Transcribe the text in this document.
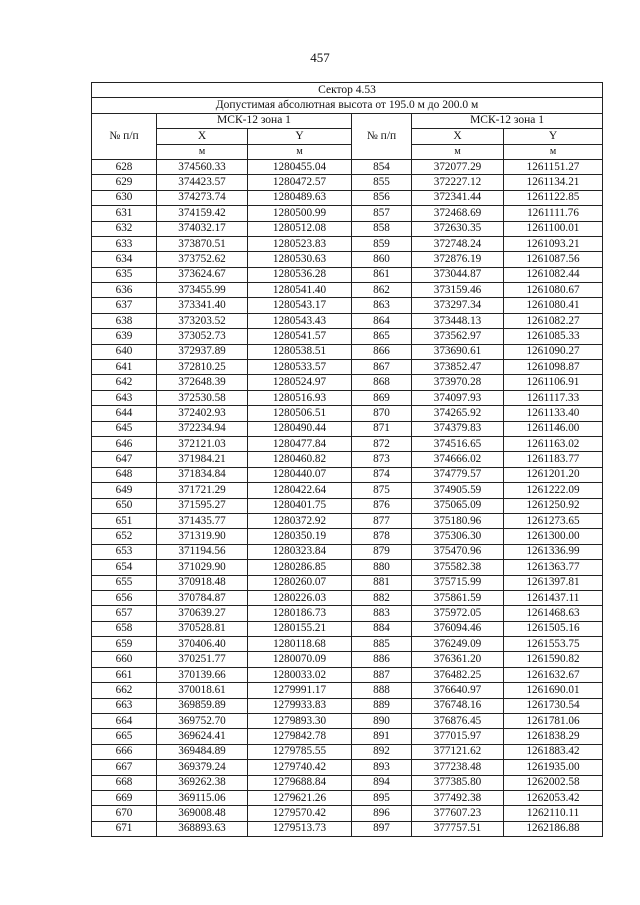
457
Сектор 4.53					
Допустимая абсолютная высота от 195.0 м до 200.0 м					
№ п/п	МСК-12 зона 1		№ п/п	МСК-12 зона 1	
	X	Y		X	Y
	м	м		м	м
628	374560.33	1280455.04	854	372077.29	1261151.27
629	374423.57	1280472.57	855	372227.12	1261134.21
630	374273.74	1280489.63	856	372341.44	1261122.85
631	374159.42	1280500.99	857	372468.69	1261111.76
632	374032.17	1280512.08	858	372630.35	1261100.01
633	373870.51	1280523.83	859	372748.24	1261093.21
634	373752.62	1280530.63	860	372876.19	1261087.56
635	373624.67	1280536.28	861	373044.87	1261082.44
636	373455.99	1280541.40	862	373159.46	1261080.67
637	373341.40	1280543.17	863	373297.34	1261080.41
638	373203.52	1280543.43	864	373448.13	1261082.27
639	373052.73	1280541.57	865	373562.97	1261085.33
640	372937.89	1280538.51	866	373690.61	1261090.27
641	372810.25	1280533.57	867	373852.47	1261098.87
642	372648.39	1280524.97	868	373970.28	1261106.91
643	372530.58	1280516.93	869	374097.93	1261117.33
644	372402.93	1280506.51	870	374265.92	1261133.40
645	372234.94	1280490.44	871	374379.83	1261146.00
646	372121.03	1280477.84	872	374516.65	1261163.02
647	371984.21	1280460.82	873	374666.02	1261183.77
648	371834.84	1280440.07	874	374779.57	1261201.20
649	371721.29	1280422.64	875	374905.59	1261222.09
650	371595.27	1280401.75	876	375065.09	1261250.92
651	371435.77	1280372.92	877	375180.96	1261273.65
652	371319.90	1280350.19	878	375306.30	1261300.00
653	371194.56	1280323.84	879	375470.96	1261336.99
654	371029.90	1280286.85	880	375582.38	1261363.77
655	370918.48	1280260.07	881	375715.99	1261397.81
656	370784.87	1280226.03	882	375861.59	1261437.11
657	370639.27	1280186.73	883	375972.05	1261468.63
658	370528.81	1280155.21	884	376094.46	1261505.16
659	370406.40	1280118.68	885	376249.09	1261553.75
660	370251.77	1280070.09	886	376361.20	1261590.82
661	370139.66	1280033.02	887	376482.25	1261632.67
662	370018.61	1279991.17	888	376640.97	1261690.01
663	369859.89	1279933.83	889	376748.16	1261730.54
664	369752.70	1279893.30	890	376876.45	1261781.06
665	369624.41	1279842.78	891	377015.97	1261838.29
666	369484.89	1279785.55	892	377121.62	1261883.42
667	369379.24	1279740.42	893	377238.48	1261935.00
668	369262.38	1279688.84	894	377385.80	1262002.58
669	369115.06	1279621.26	895	377492.38	1262053.42
670	369008.48	1279570.42	896	377607.23	1262110.11
671	368893.63	1279513.73	897	377757.51	1262186.88
